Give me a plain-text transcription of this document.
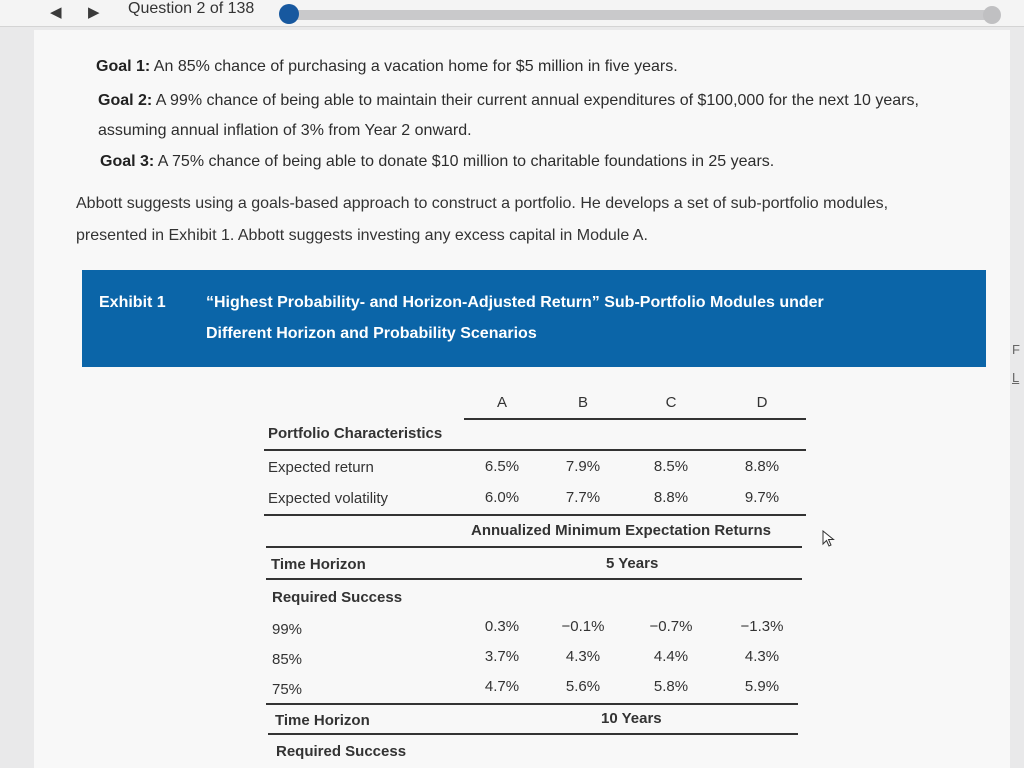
◀ ▶ Question 2 of 138
Goal 1: An 85% chance of purchasing a vacation home for $5 million in five years.
Goal 2: A 99% chance of being able to maintain their current annual expenditures of $100,000 for the next 10 years,
assuming annual inflation of 3% from Year 2 onward.
Goal 3: A 75% chance of being able to donate $10 million to charitable foundations in 25 years.
Abbott suggests using a goals-based approach to construct a portfolio. He develops a set of sub-portfolio modules,
presented in Exhibit 1. Abbott suggests investing any excess capital in Module A.
Exhibit 1	“Highest Probability- and Horizon-Adjusted Return” Sub-Portfolio Modules under
Different Horizon and Probability Scenarios
A	B	C	D
Portfolio Characteristics
Expected return	6.5%	7.9%	8.5%	8.8%
Expected volatility	6.0%	7.7%	8.8%	9.7%
Annualized Minimum Expectation Returns
Time Horizon	5 Years
Required Success
99%	0.3%	−0.1%	−0.7%	−1.3%
85%	3.7%	4.3%	4.4%	4.3%
75%	4.7%	5.6%	5.8%	5.9%
Time Horizon	10 Years
Required Success
F
L
